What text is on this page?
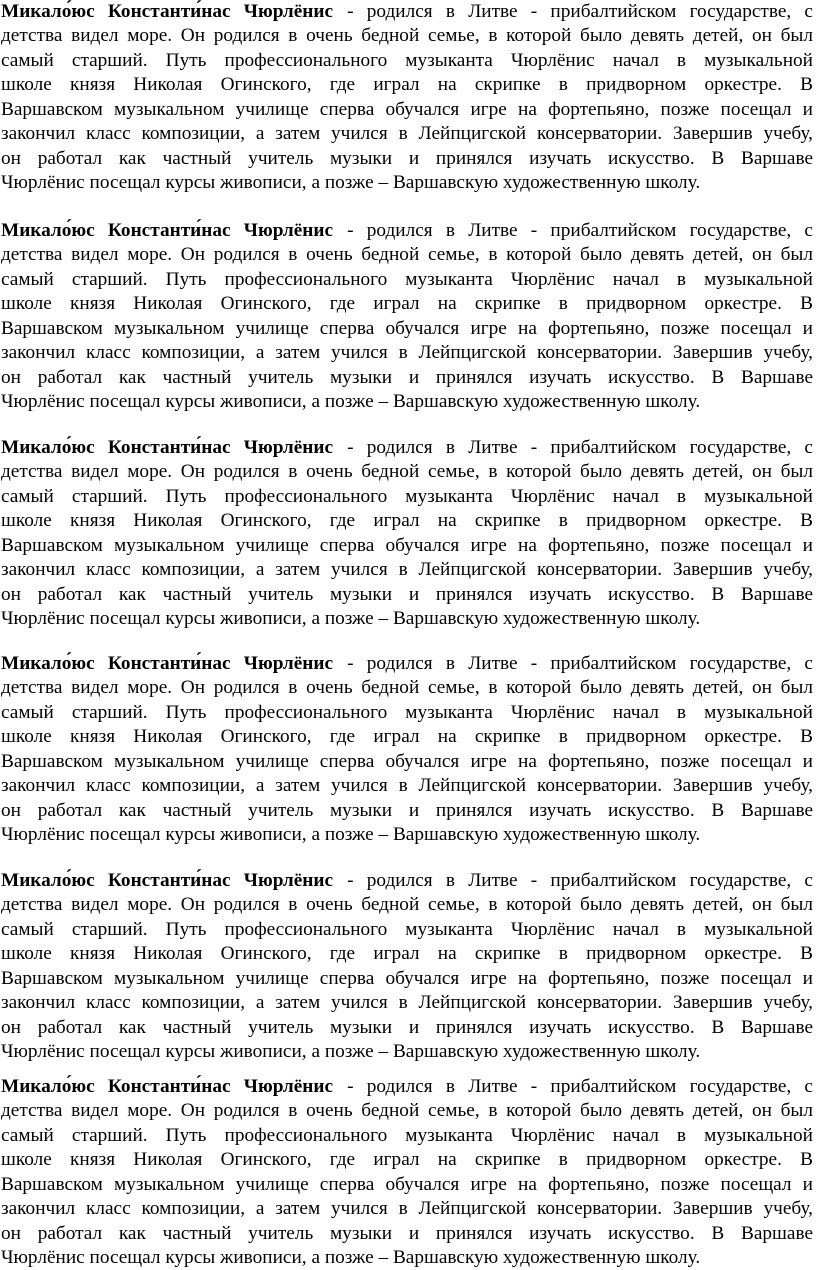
Микало́юс Константи́нас Чюрлёнис - родился в Литве - прибалтийском государстве, с
детства видел море. Он родился в очень бедной семье, в которой было девять детей, он был
самый старший. Путь профессионального музыканта Чюрлёнис начал в музыкальной
школе князя Николая Огинского, где играл на скрипке в придворном оркестре. В
Варшавском музыкальном училище сперва обучался игре на фортепьяно, позже посещал и
закончил класс композиции, а затем учился в Лейпцигской консерватории. Завершив учебу,
он работал как частный учитель музыки и принялся изучать искусство. В Варшаве
Чюрлёнис посещал курсы живописи, а позже – Варшавскую художественную школу.
Микало́юс Константи́нас Чюрлёнис - родился в Литве - прибалтийском государстве, с
детства видел море. Он родился в очень бедной семье, в которой было девять детей, он был
самый старший. Путь профессионального музыканта Чюрлёнис начал в музыкальной
школе князя Николая Огинского, где играл на скрипке в придворном оркестре. В
Варшавском музыкальном училище сперва обучался игре на фортепьяно, позже посещал и
закончил класс композиции, а затем учился в Лейпцигской консерватории. Завершив учебу,
он работал как частный учитель музыки и принялся изучать искусство. В Варшаве
Чюрлёнис посещал курсы живописи, а позже – Варшавскую художественную школу.
Микало́юс Константи́нас Чюрлёнис - родился в Литве - прибалтийском государстве, с
детства видел море. Он родился в очень бедной семье, в которой было девять детей, он был
самый старший. Путь профессионального музыканта Чюрлёнис начал в музыкальной
школе князя Николая Огинского, где играл на скрипке в придворном оркестре. В
Варшавском музыкальном училище сперва обучался игре на фортепьяно, позже посещал и
закончил класс композиции, а затем учился в Лейпцигской консерватории. Завершив учебу,
он работал как частный учитель музыки и принялся изучать искусство. В Варшаве
Чюрлёнис посещал курсы живописи, а позже – Варшавскую художественную школу.
Микало́юс Константи́нас Чюрлёнис - родился в Литве - прибалтийском государстве, с
детства видел море. Он родился в очень бедной семье, в которой было девять детей, он был
самый старший. Путь профессионального музыканта Чюрлёнис начал в музыкальной
школе князя Николая Огинского, где играл на скрипке в придворном оркестре. В
Варшавском музыкальном училище сперва обучался игре на фортепьяно, позже посещал и
закончил класс композиции, а затем учился в Лейпцигской консерватории. Завершив учебу,
он работал как частный учитель музыки и принялся изучать искусство. В Варшаве
Чюрлёнис посещал курсы живописи, а позже – Варшавскую художественную школу.
Микало́юс Константи́нас Чюрлёнис - родился в Литве - прибалтийском государстве, с
детства видел море. Он родился в очень бедной семье, в которой было девять детей, он был
самый старший. Путь профессионального музыканта Чюрлёнис начал в музыкальной
школе князя Николая Огинского, где играл на скрипке в придворном оркестре. В
Варшавском музыкальном училище сперва обучался игре на фортепьяно, позже посещал и
закончил класс композиции, а затем учился в Лейпцигской консерватории. Завершив учебу,
он работал как частный учитель музыки и принялся изучать искусство. В Варшаве
Чюрлёнис посещал курсы живописи, а позже – Варшавскую художественную школу.
Микало́юс Константи́нас Чюрлёнис - родился в Литве - прибалтийском государстве, с
детства видел море. Он родился в очень бедной семье, в которой было девять детей, он был
самый старший. Путь профессионального музыканта Чюрлёнис начал в музыкальной
школе князя Николая Огинского, где играл на скрипке в придворном оркестре. В
Варшавском музыкальном училище сперва обучался игре на фортепьяно, позже посещал и
закончил класс композиции, а затем учился в Лейпцигской консерватории. Завершив учебу,
он работал как частный учитель музыки и принялся изучать искусство. В Варшаве
Чюрлёнис посещал курсы живописи, а позже – Варшавскую художественную школу.
